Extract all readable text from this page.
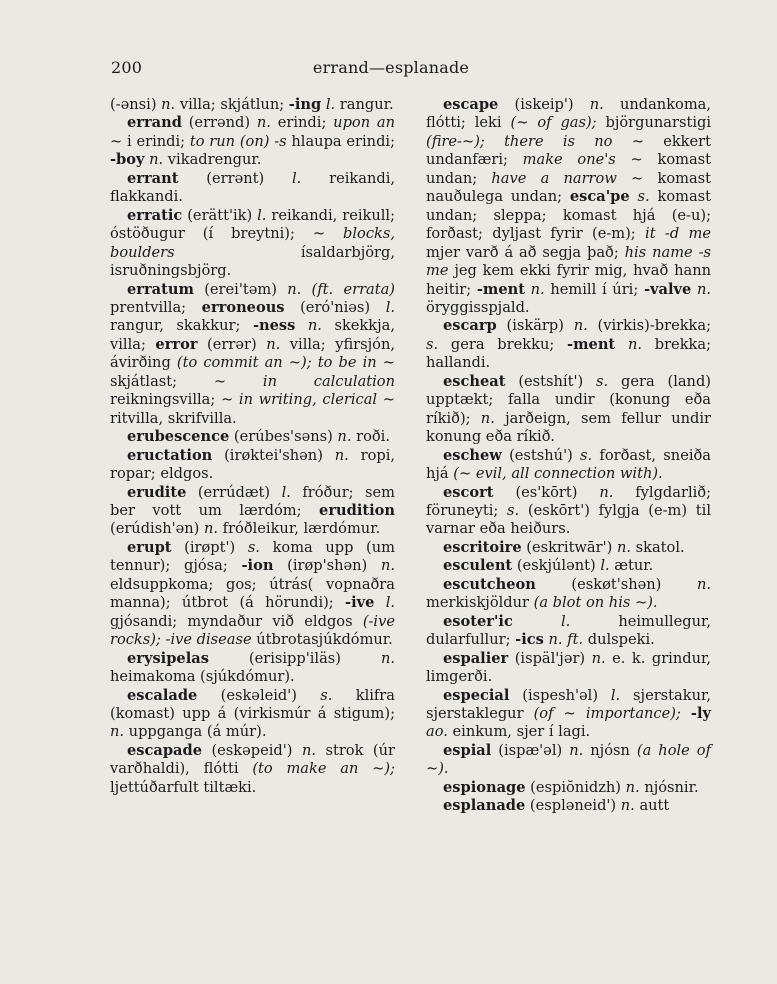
200	errand—esplanade

(-ənsi) n. villa; skjátlun; -ing l. rangur.

errand (errənd) n. erindi; upon an ~ i erindi; to run (on) -s hlaupa erindi; -boy n. vikadrengur.

errant (errənt) l. reikandi, flakkandi.

erratic (erätt'ik) l. reikandi, reikull; óstöðugur (í breytni); ~ blocks, boulders ísaldarbjörg, isruðningsbjörg.

erratum (erei'təm) n. (ft. errata) prentvilla; erroneous (eró'niəs) l. rangur, skakkur; -ness n. skekkja, villa; error (errər) n. villa; yfirsjón, ávirðing (to commit an ~); to be in ~ skjátlast; ~ in calculation reikningsvilla; ~ in writing, clerical ~ ritvilla, skrifvilla.

erubescence (erúbes'səns) n. roði.

eructation (irøktei'shən) n. ropi, ropar; eldgos.

erudite (errúdæt) l. fróður; sem ber vott um lærdóm; erudition (erúdish'ən) n. fróðleikur, lærdómur.

erupt (irøpt') s. koma upp (um tennur); gjósa; -ion (irøp'shən) n. eldsuppkoma; gos; útrás( vopnaðra manna); útbrot (á hörundi); -ive l. gjósandi; myndaður við eldgos (-ive rocks); -ive disease útbrotasjúkdómur.

erysipelas (erisipp'iläs) n. heimakoma (sjúkdómur).

escalade (eskəleid') s. klifra (komast) upp á (virkismúr á stigum); n. uppganga (á múr).

escapade (eskəpeid') n. strok (úr varðhaldi), flótti (to make an ~); ljettúðarfult tiltæki.

escape (iskeip') n. undankoma, flótti; leki (~ of gas); björgunarstigi (fire-~); there is no ~ ekkert undanfæri; make one's ~ komast undan; have a narrow ~ komast nauðulega undan; esca'pe s. komast undan; sleppa; komast hjá (e-u); forðast; dyljast fyrir (e-m); it -d me mjer varð á að segja það; his name -s me jeg kem ekki fyrir mig, hvað hann heitir; -ment n. hemill í úri; -valve n. öryggisspjald.

escarp (iskärp) n. (virkis)-brekka; s. gera brekku; -ment n. brekka; hallandi.

escheat (estshít') s. gera (land) upptækt; falla undir (konung eða ríkið); n. jarðeign, sem fellur undir konung eða ríkið.

eschew (estshú') s. forðast, sneiða hjá (~ evil, all connection with).

escort (es'kōrt) n. fylgdarlið; föruneyti; s. (eskōrt') fylgja (e-m) til varnar eða heiðurs.

escritoire (eskritwār') n. skatol.

esculent (eskjúlənt) l. ætur.

escutcheon (eskøt'shən) n. merkiskjöldur (a blot on his ~).

esoter'ic	l. heimullegur, dularfullur; -ics n. ft. dulspeki.

espalier (ispäl'jər) n. e. k. grindur, limgerði.

especial (ispesh'əl) l. sjerstakur, sjerstaklegur (of ~ importance); -ly ao. einkum, sjer í lagi.

espial (ispæ'əl) n. njósn (a hole of ~).

espionage (espiŏnidzh) n. njósnir.

esplanade (espləneid') n. autt
